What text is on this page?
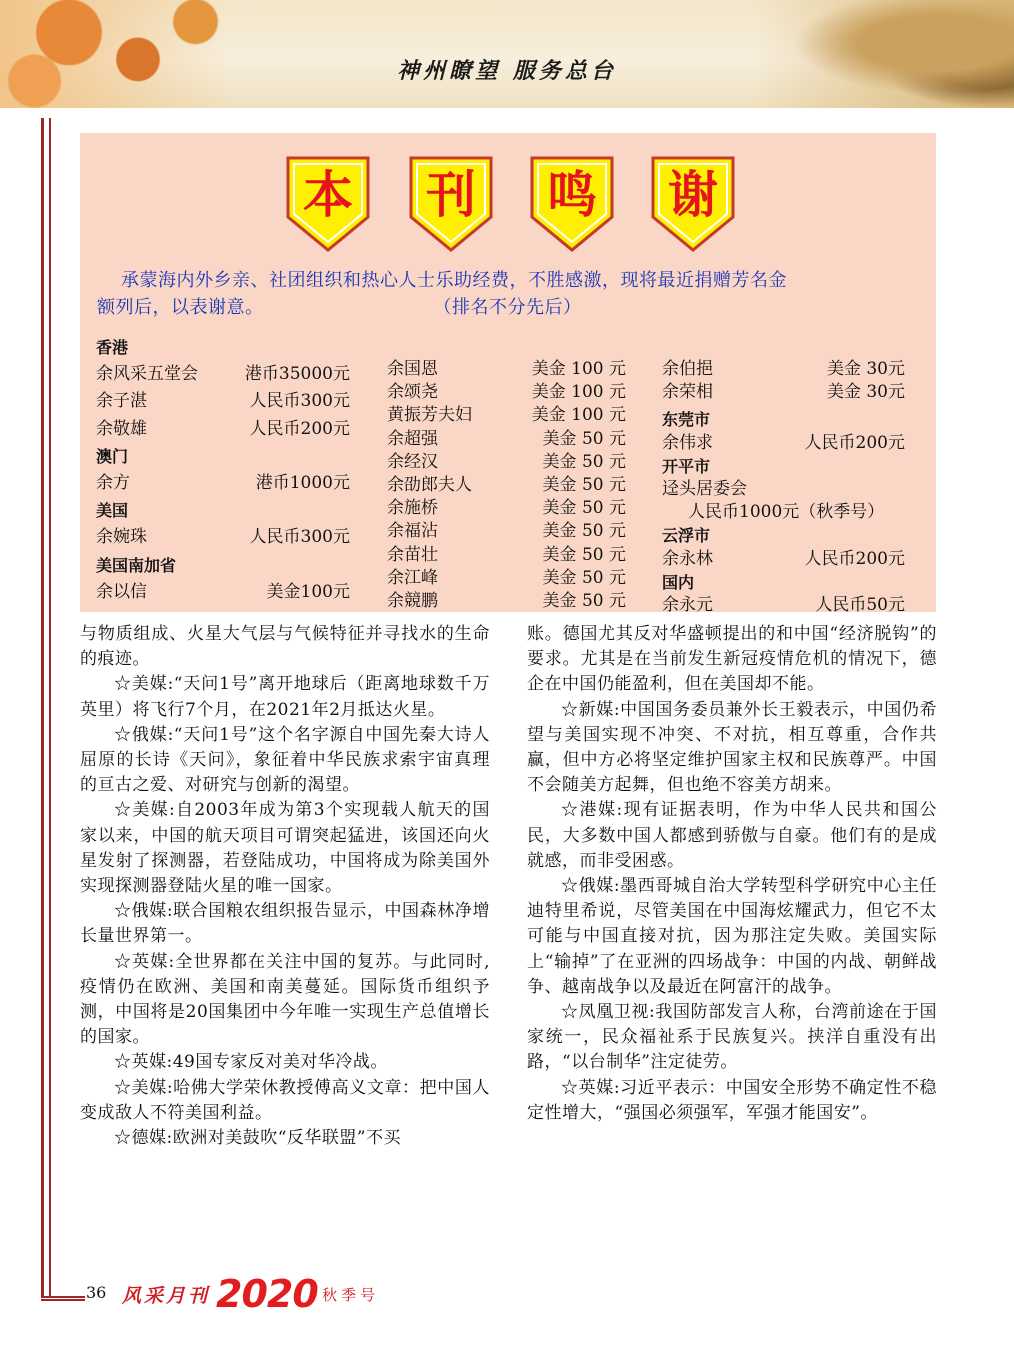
神州瞭望 服务总台
本	刊	鸣	谢
承蒙海内外乡亲、社团组织和热心人士乐助经费，不胜感激，现将最近捐赠芳名金
额列后，以表谢意。	（排名不分先后）
香港
余风采五堂会	港币35000元
余子湛	人民币300元
余敬雄	人民币200元
澳门
余方	港币1000元
美国
余婉珠	人民币300元
美国南加省
余以信	美金100元
余国恩	美金 100 元
余颂尧	美金 100 元
黄振芳夫妇	美金 100 元
余超强	美金 50 元
余经汉	美金 50 元
余劭郎夫人	美金 50 元
余施桥	美金 50 元
余福沾	美金 50 元
余苗壮	美金 50 元
余江峰	美金 50 元
余競鹏	美金 50 元
余伯挹	美金 30元
余荣相	美金 30元
东莞市
余伟求	人民币200元
开平市
迳头居委会
人民币1000元（秋季号）
云浮市
余永林	人民币200元
国内
余永元	人民币50元

与物质组成、火星大气层与气候特征并寻找水的生命的痕迹。

☆美媒:“天问1号”离开地球后（距离地球数千万英里）将飞行7个月，在2021年2月抵达火星。

☆俄媒:“天问1号”这个名字源自中国先秦大诗人屈原的长诗《天问》，象征着中华民族求索宇宙真理的亘古之爱、对研究与创新的渴望。

☆美媒:自2003年成为第3个实现载人航天的国家以来，中国的航天项目可谓突起猛进，该国还向火星发射了探测器，若登陆成功，中国将成为除美国外实现探测器登陆火星的唯一国家。

☆俄媒:联合国粮农组织报告显示，中国森林净增长量世界第一。

☆英媒:全世界都在关注中国的复苏。与此同时,疫情仍在欧洲、美国和南美蔓延。国际货币组织予测，中国将是20国集团中今年唯一实现生产总值增长的国家。

☆英媒:49国专家反对美对华冷战。

☆美媒:哈佛大学荣休教授傅高义文章：把中国人变成敌人不符美国利益。

☆德媒:欧洲对美鼓吹“反华联盟”不买

账。德国尤其反对华盛顿提出的和中国“经济脱钩”的要求。尤其是在当前发生新冠疫情危机的情况下，德企在中国仍能盈利，但在美国却不能。

☆新媒:中国国务委员兼外长王毅表示，中国仍希望与美国实现不冲突、不对抗，相互尊重，合作共赢，但中方必将坚定维护国家主权和民族尊严。中国不会随美方起舞，但也绝不容美方胡来。

☆港媒:现有证据表明，作为中华人民共和国公民，大多数中国人都感到骄傲与自豪。他们有的是成就感，而非受困惑。

☆俄媒:墨西哥城自治大学转型科学研究中心主任迪特里希说，尽管美国在中国海炫耀武力，但它不太可能与中国直接对抗，因为那注定失败。美国实际上“输掉”了在亚洲的四场战争：中国的内战、朝鲜战争、越南战争以及最近在阿富汗的战争。

☆凤凰卫视:我国防部发言人称，台湾前途在于国家统一，民众福祉系于民族复兴。挟洋自重没有出路，“以台制华”注定徒劳。

☆英媒:习近平表示：中国安全形势不确定性不稳定性增大，“强国必须强军，军强才能国安”。

36 风采月刊 2020 秋季号
